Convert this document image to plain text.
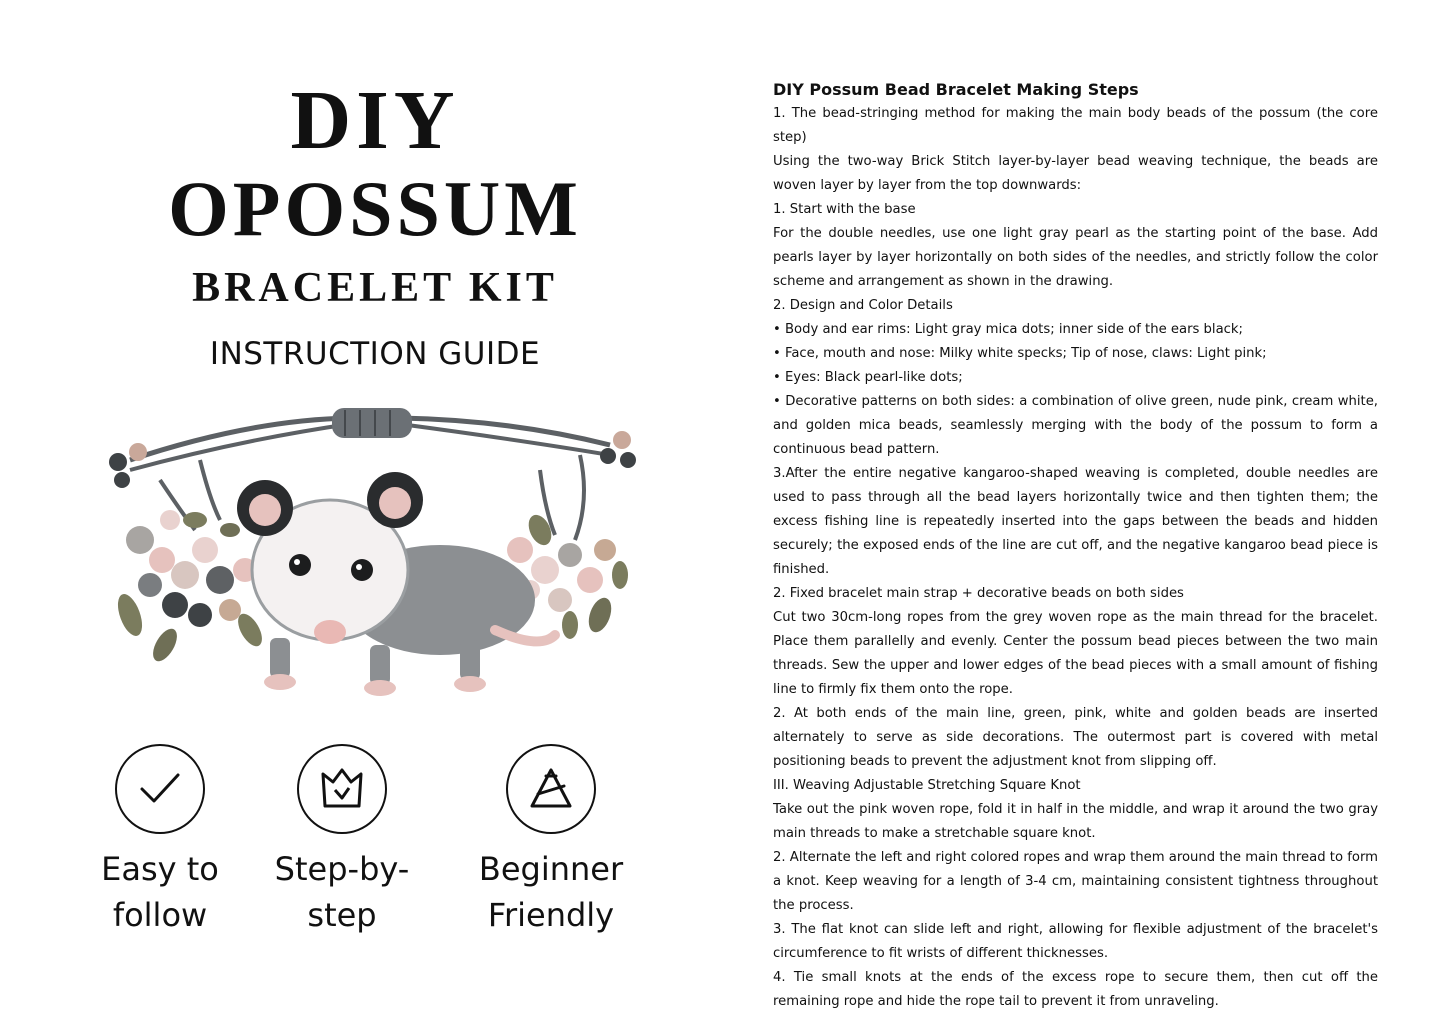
DIY
OPOSSUM
BRACELET KIT
INSTRUCTION GUIDE
Easy to
follow
Step-by-
step
Beginner
Friendly
DIY Possum Bead Bracelet Making Steps

1. The bead-stringing method for making the main body beads of the possum (the core step)

Using the two-way Brick Stitch layer-by-layer bead weaving technique, the beads are woven layer by layer from the top downwards:

1. Start with the base

For the double needles, use one light gray pearl as the starting point of the base. Add pearls layer by layer horizontally on both sides of the needles, and strictly follow the color scheme and arrangement as shown in the drawing.

2. Design and Color Details

• Body and ear rims: Light gray mica dots; inner side of the ears black;

• Face, mouth and nose: Milky white specks; Tip of nose, claws: Light pink;

• Eyes: Black pearl-like dots;

• Decorative patterns on both sides: a combination of olive green, nude pink, cream white, and golden mica beads, seamlessly merging with the body of the possum to form a continuous bead pattern.

3.After the entire negative kangaroo-shaped weaving is completed, double needles are used to pass through all the bead layers horizontally twice and then tighten them; the excess fishing line is repeatedly inserted into the gaps between the beads and hidden securely; the exposed ends of the line are cut off, and the negative kangaroo bead piece is finished.

2. Fixed bracelet main strap + decorative beads on both sides

Cut two 30cm-long ropes from the grey woven rope as the main thread for the bracelet. Place them parallelly and evenly. Center the possum bead pieces between the two main threads. Sew the upper and lower edges of the bead pieces with a small amount of fishing line to firmly fix them onto the rope.

2. At both ends of the main line, green, pink, white and golden beads are inserted alternately to serve as side decorations. The outermost part is covered with metal positioning beads to prevent the adjustment knot from slipping off.

III. Weaving Adjustable Stretching Square Knot

Take out the pink woven rope, fold it in half in the middle, and wrap it around the two gray main threads to make a stretchable square knot.

2. Alternate the left and right colored ropes and wrap them around the main thread to form a knot. Keep weaving for a length of 3-4 cm, maintaining consistent tightness throughout the process.

3. The flat knot can slide left and right, allowing for flexible adjustment of the bracelet's circumference to fit wrists of different thicknesses.

4. Tie small knots at the ends of the excess rope to secure them, then cut off the remaining rope and hide the rope tail to prevent it from unraveling.
